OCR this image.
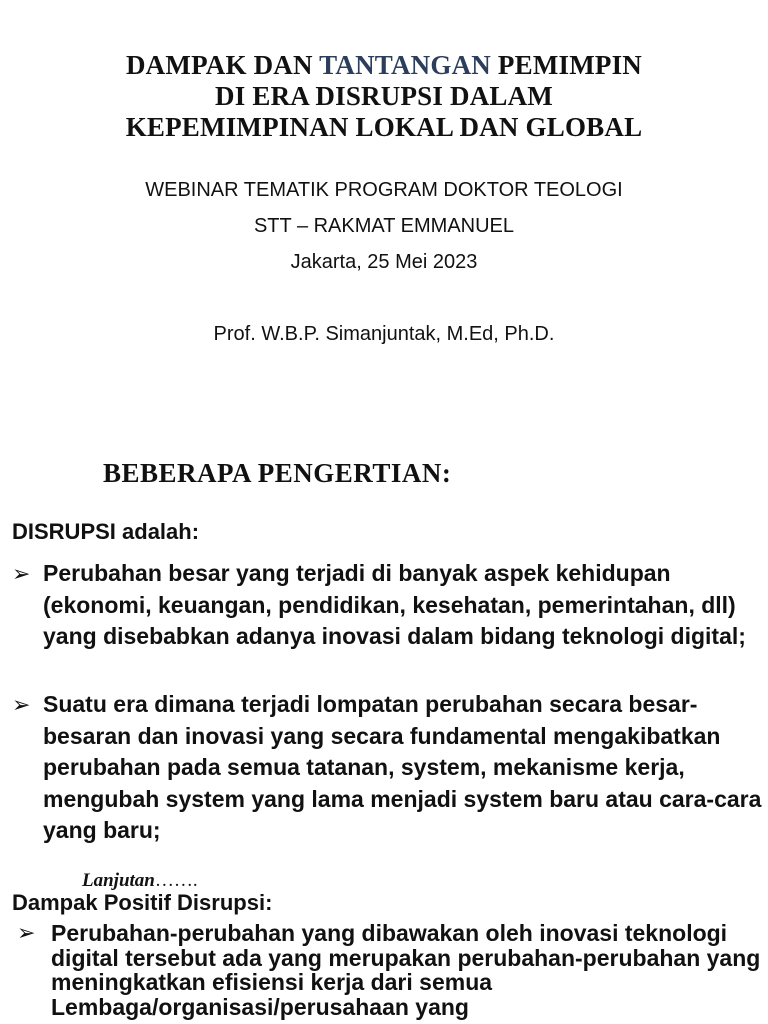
DAMPAK DAN TANTANGAN PEMIMPIN
DI ERA DISRUPSI DALAM
KEPEMIMPINAN LOKAL DAN GLOBAL
WEBINAR TEMATIK PROGRAM DOKTOR TEOLOGI
STT – RAKMAT EMMANUEL
Jakarta, 25 Mei 2023
Prof. W.B.P. Simanjuntak, M.Ed, Ph.D.
BEBERAPA PENGERTIAN:
DISRUPSI adalah:
➢ Perubahan besar yang terjadi di banyak aspek kehidupan (ekonomi, keuangan, pendidikan, kesehatan, pemerintahan, dll) yang disebabkan adanya inovasi dalam bidang teknologi digital;
➢ Suatu era dimana terjadi lompatan perubahan secara besar-besaran dan inovasi yang secara fundamental mengakibatkan perubahan pada semua tatanan, system, mekanisme kerja, mengubah system yang lama menjadi system baru atau cara-cara yang baru;
Lanjutan…….
Dampak Positif Disrupsi:
➢ Perubahan-perubahan yang dibawakan oleh inovasi teknologi digital tersebut ada yang merupakan perubahan-perubahan yang meningkatkan efisiensi kerja dari semua Lembaga/organisasi/perusahaan yang
